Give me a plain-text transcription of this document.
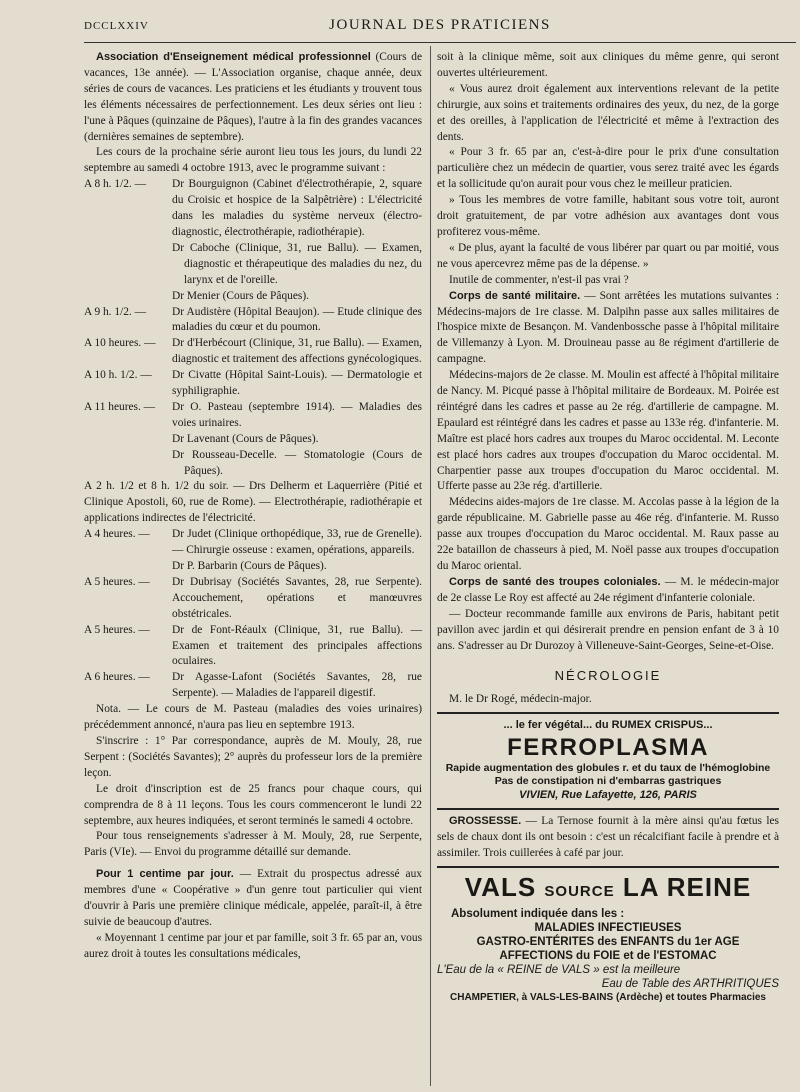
DCCLXXIV	JOURNAL DES PRATICIENS

Association d'Enseignement médical professionnel (Cours de vacances, 13e année). — L'Association organise, chaque année, deux séries de cours de vacances. Les praticiens et les étudiants y trouvent tous les éléments nécessaires de perfectionnement. Les deux séries ont lieu : l'une à Pâques (quinzaine de Pâques), l'autre à la fin des grandes vacances (dernières semaines de septembre).

Les cours de la prochaine série auront lieu tous les jours, du lundi 22 septembre au samedi 4 octobre 1913, avec le programme suivant :

A 8 h. 1/2. — Dr Bourguignon (Cabinet d'électrothérapie, 2, square du Croisic et hospice de la Salpêtrière) : L'électricité dans les maladies du système nerveux (électro-diagnostic, électrothérapie, radiothérapie).
Dr Caboche (Clinique, 31, rue Ballu). — Examen, diagnostic et thérapeutique des maladies du nez, du larynx et de l'oreille.
Dr Menier (Cours de Pâques).
A 9 h. 1/2. — Dr Audistère (Hôpital Beaujon). — Etude clinique des maladies du cœur et du poumon.
A 10 heures. — Dr d'Herbécourt (Clinique, 31, rue Ballu). — Examen, diagnostic et traitement des affections gynécologiques.
A 10 h. 1/2. — Dr Civatte (Hôpital Saint-Louis). — Dermatologie et syphiligraphie.
A 11 heures. — Dr O. Pasteau (septembre 1914). — Maladies des voies urinaires.
Dr Lavenant (Cours de Pâques).
Dr Rousseau-Decelle. — Stomatologie (Cours de Pâques).

A 2 h. 1/2 et 8 h. 1/2 du soir. — Drs Delherm et Laquerrière (Pitié et Clinique Apostoli, 60, rue de Rome). — Electrothérapie, radiothérapie et applications indirectes de l'électricité.

A 4 heures. — Dr Judet (Clinique orthopédique, 33, rue de Grenelle). — Chirurgie osseuse : examen, opérations, appareils.
Dr P. Barbarin (Cours de Pâques).
A 5 heures. — Dr Dubrisay (Sociétés Savantes, 28, rue Serpente). Accouchement, opérations et manœuvres obstétricales.
A 5 heures. — Dr de Font-Réaulx (Clinique, 31, rue Ballu). — Examen et traitement des principales affections oculaires.
A 6 heures. — Dr Agasse-Lafont (Sociétés Savantes, 28, rue Serpente). — Maladies de l'appareil digestif.

Nota. — Le cours de M. Pasteau (maladies des voies urinaires) précédemment annoncé, n'aura pas lieu en septembre 1913.

S'inscrire : 1° Par correspondance, auprès de M. Mouly, 28, rue Serpent : (Sociétés Savantes); 2° auprès du professeur lors de la première leçon.

Le droit d'inscription est de 25 francs pour chaque cours, qui comprendra de 8 à 11 leçons. Tous les cours commenceront le lundi 22 septembre, aux heures indiquées, et seront terminés le samedi 4 octobre.

Pour tous renseignements s'adresser à M. Mouly, 28, rue Serpente, Paris (VIe). — Envoi du programme détaillé sur demande.

Pour 1 centime par jour. — Extrait du prospectus adressé aux membres d'une « Coopérative » d'un genre tout particulier qui vient d'ouvrir à Paris une première clinique médicale, appelée, paraît-il, à être suivie de beaucoup d'autres.

« Moyennant 1 centime par jour et par famille, soit 3 fr. 65 par an, vous aurez droit à toutes les consultations médicales,

soit à la clinique même, soit aux cliniques du même genre, qui seront ouvertes ultérieurement.

« Vous aurez droit également aux interventions relevant de la petite chirurgie, aux soins et traitements ordinaires des yeux, du nez, de la gorge et des oreilles, à l'application de l'électricité et même à l'extraction des dents.

« Pour 3 fr. 65 par an, c'est-à-dire pour le prix d'une consultation particulière chez un médecin de quartier, vous serez traité avec les égards et la sollicitude qu'on aurait pour vous chez le meilleur praticien.

» Tous les membres de votre famille, habitant sous votre toit, auront droit gratuitement, de par votre adhésion aux avantages dont vous profiterez vous-même.

« De plus, ayant la faculté de vous libérer par quart ou par moitié, vous ne vous apercevrez même pas de la dépense. »

Inutile de commenter, n'est-il pas vrai ?

Corps de santé militaire. — Sont arrêtées les mutations suivantes : Médecins-majors de 1re classe. M. Dalpihn passe aux salles militaires de l'hospice mixte de Besançon. M. Vandenbossche passe à l'hôpital militaire de Villemanzy à Lyon. M. Drouineau passe au 8e régiment d'artillerie de campagne.

Médecins-majors de 2e classe. M. Moulin est affecté à l'hôpital militaire de Nancy. M. Picqué passe à l'hôpital militaire de Bordeaux. M. Poirée est réintégré dans les cadres et passe au 2e rég. d'artillerie de campagne. M. Epaulard est réintégré dans les cadres et passe au 133e rég. d'infanterie. M. Maître est placé hors cadres aux troupes du Maroc occidental. M. Leconte est placé hors cadres aux troupes d'occupation du Maroc occidental. M. Charpentier passe aux troupes d'occupation du Maroc occidental. M. Ufferte passe au 23e rég. d'artillerie.

Médecins aides-majors de 1re classe. M. Accolas passe à la légion de la garde républicaine. M. Gabrielle passe au 46e rég. d'infanterie. M. Russo passe aux troupes d'occupation du Maroc occidental. M. Raux passe au 22e bataillon de chasseurs à pied, M. Noël passe aux troupes d'occupation du Maroc oriental.

Corps de santé des troupes coloniales. — M. le médecin-major de 2e classe Le Roy est affecté au 24e régiment d'infanterie coloniale.

— Docteur recommande famille aux environs de Paris, habitant petit pavillon avec jardin et qui désirerait prendre en pension enfant de 3 à 10 ans. S'adresser au Dr Durozoy à Villeneuve-Saint-Georges, Seine-et-Oise.

NÉCROLOGIE

M. le Dr Rogé, médecin-major.

... le fer végétal... du RUMEX CRISPUS...
FERROPLASMA
Rapide augmentation des globules r. et du taux de l'hémoglobine
Pas de constipation ni d'embarras gastriques
VIVIEN, Rue Lafayette, 126, PARIS

GROSSESSE. — La Ternose fournit à la mère ainsi qu'au fœtus les sels de chaux dont ils ont besoin : c'est un récalcifiant facile à prendre et à assimiler. Trois cuillerées à café par jour.

VALS SOURCE LA REINE
Absolument indiquée dans les :
MALADIES INFECTIEUSES
GASTRO-ENTÉRITES des ENFANTS du 1er AGE
AFFECTIONS du FOIE et de l'ESTOMAC
L'Eau de la « REINE de VALS » est la meilleure
Eau de Table des ARTHRITIQUES
CHAMPETIER, à VALS-LES-BAINS (Ardèche) et toutes Pharmacies
